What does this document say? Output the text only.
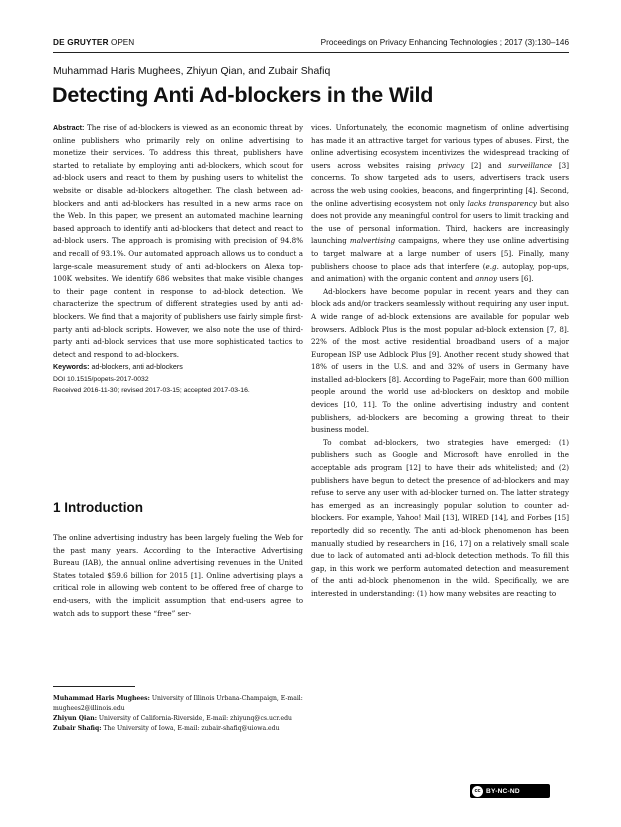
DE GRUYTER OPEN	Proceedings on Privacy Enhancing Technologies ; 2017 (3):130–146
Muhammad Haris Mughees, Zhiyun Qian, and Zubair Shafiq
Detecting Anti Ad-blockers in the Wild

Abstract: The rise of ad-blockers is viewed as an economic threat by online publishers who primarily rely on online advertising to monetize their services. To address this threat, publishers have started to retaliate by employing anti ad-blockers, which scout for ad-block users and react to them by pushing users to whitelist the website or disable ad-blockers altogether. The clash between ad-blockers and anti ad-blockers has resulted in a new arms race on the Web. In this paper, we present an automated machine learning based approach to identify anti ad-blockers that detect and react to ad-block users. The approach is promising with precision of 94.8% and recall of 93.1%. Our automated approach allows us to conduct a large-scale measurement study of anti ad-blockers on Alexa top-100K websites. We identify 686 websites that make visible changes to their page content in response to ad-block detection. We characterize the spectrum of different strategies used by anti ad-blockers. We find that a majority of publishers use fairly simple first-party anti ad-block scripts. However, we also note the use of third-party anti ad-block services that use more sophisticated tactics to detect and respond to ad-blockers.

Keywords: ad-blockers, anti ad-blockers

DOI 10.1515/popets-2017-0032

Received 2016-11-30; revised 2017-03-15; accepted 2017-03-16.

1 Introduction

The online advertising industry has been largely fueling the Web for the past many years. According to the Interactive Advertising Bureau (IAB), the annual online advertising revenues in the United States totaled $59.6 billion for 2015 [1]. Online advertising plays a critical role in allowing web content to be offered free of charge to end-users, with the implicit assumption that end-users agree to watch ads to support these “free” ser-

Muhammad Haris Mughees: University of Illinois Urbana-Champaign, E-mail: mughees2@illinois.edu

Zhiyun Qian: University of California-Riverside, E-mail: zhiyunq@cs.ucr.edu

Zubair Shafiq: The University of Iowa, E-mail: zubair-shafiq@uiowa.edu

vices. Unfortunately, the economic magnetism of online advertising has made it an attractive target for various types of abuses. First, the online advertising ecosystem incentivizes the widespread tracking of users across websites raising privacy [2] and surveillance [3] concerns. To show targeted ads to users, advertisers track users across the web using cookies, beacons, and fingerprinting [4]. Second, the online advertising ecosystem not only lacks transparency but also does not provide any meaningful control for users to limit tracking and the use of personal information. Third, hackers are increasingly launching malvertising campaigns, where they use online advertising to target malware at a large number of users [5]. Finally, many publishers choose to place ads that interfere (e.g. autoplay, pop-ups, and animation) with the organic content and annoy users [6].

Ad-blockers have become popular in recent years and they can block ads and/or trackers seamlessly without requiring any user input. A wide range of ad-block extensions are available for popular web browsers. Adblock Plus is the most popular ad-block extension [7, 8]. 22% of the most active residential broadband users of a major European ISP use Adblock Plus [9]. Another recent study showed that 18% of users in the U.S. and and 32% of users in Germany have installed ad-blockers [8]. According to PageFair, more than 600 million people around the world use ad-blockers on desktop and mobile devices [10, 11]. To the online advertising industry and content publishers, ad-blockers are becoming a growing threat to their business model.

To combat ad-blockers, two strategies have emerged: (1) publishers such as Google and Microsoft have enrolled in the acceptable ads program [12] to have their ads whitelisted; and (2) publishers have begun to detect the presence of ad-blockers and may refuse to serve any user with ad-blocker turned on. The latter strategy has emerged as an increasingly popular solution to counter ad-blockers. For example, Yahoo! Mail [13], WIRED [14], and Forbes [15] reportedly did so recently. The anti ad-block phenomenon has been manually studied by researchers in [16, 17] on a relatively small scale due to lack of automated anti ad-block detection methods. To fill this gap, in this work we perform automated detection and measurement of the anti ad-block phenomenon in the wild. Specifically, we are interested in understanding: (1) how many websites are reacting to

cc BY-NC-ND
